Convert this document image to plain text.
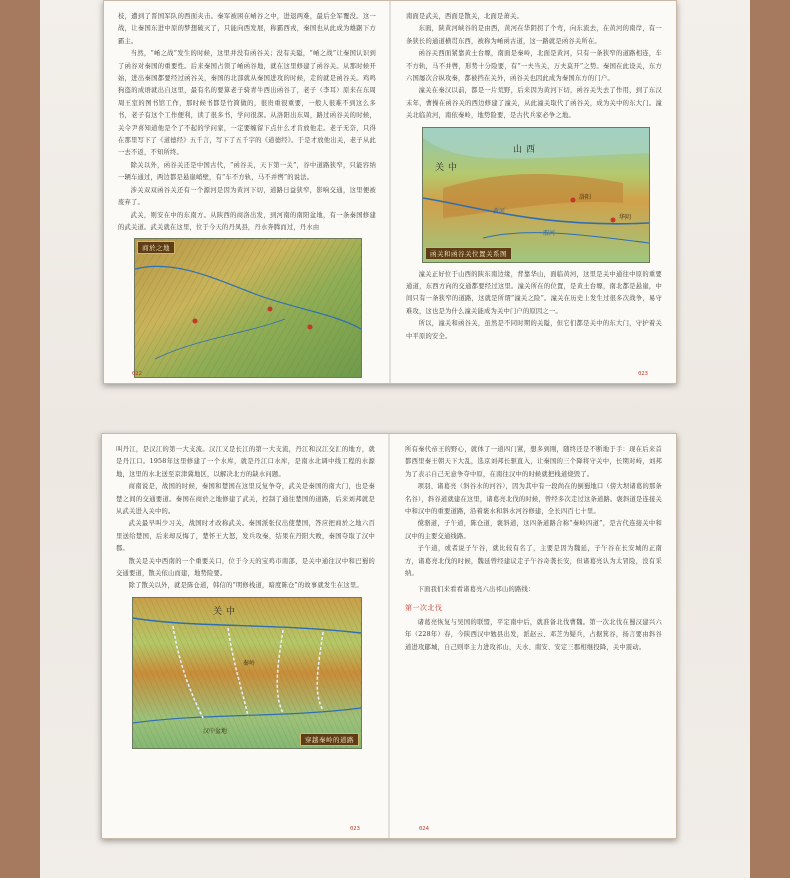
枝，遭到了晋国军队的西面夹击。秦军被困在崤谷之中，进退两难，最后全军覆没。这一战，让秦国东进中原的梦想破灭了，只能向西发展，称霸西戎，秦国也从此成为雄踞下方霸主。

当然，“崤之战”发生的时候，这里并没有函谷关；没有关隘，“崤之战”让秦国认识到了函谷对秦国的重要性。后来秦国占领了崤函谷地，就在这里修建了函谷关。从那时候开始，进出秦国都要经过函谷关，秦国的北部就从秦国进攻的时候，走的就是函谷关。鸡鸣狗盗的成语就出自这里，最有名的要算老子骑青牛西出函谷了，老子（李耳）原来在东周周王室的图书馆工作，那时候书都是竹简做的，很贵重很重要，一般人很难不到这么多书，老子有这个工作便利，读了很多书，学问很深。从洛阳出东周，路过函谷关的时候，关令尹喜知道他是个了不起的学问家，一定要缠留下点什么才肯放他走。老子无奈，只得在那里写下了《道德经》五千言，写下了五千字的《道德经》。于是才放他出关，老子从此一去不返，不知所终。

除关以外，函谷关还是中国古代，“函谷关，天下第一关”，谷中道路狭窄，只能容纳一辆车通过，两边都是悬崖峭壁，有“车不方轨，马不并辔”的说法。

涉关双双函谷关还有一个源河是因为黄河下切，道路日益狭窄，影响交通，这里便被废弃了。

武关，则安在中的东南方。从陕西的商洛出发，到河南的南阳盆地，有一条秦国修建的武关道。武关就在这里，位于今天的丹凤县，丹水奔腾而过，丹水由

商於之地
022

南面是武关，西面是散关，北面是萧关。

东面，陕黄河峡谷的是由西，黄河在华阴拐了个弯，向东流去，在黄河的南岸，有一条狭长的通道横贯东西，被称为崤函古道，这一路就是函谷关所在。

函谷关西面紧靠黄土台塬，南面是秦岭，北面是黄河，只有一条狭窄的道路相连，车不方轨，马不并辔，形势十分险要，有“一夫当关，万夫莫开”之势。秦国在此设关，东方六国屡次合纵攻秦，都被挡在关外，函谷关也因此成为秦国东方的门户。

潼关在秦汉以前，都是一片荒野，后来因为黄河下切，函谷关失去了作用，到了东汉末年，曹操在函谷关的西边修建了潼关，从此潼关取代了函谷关，成为关中的东大门。潼关北临黄河，南依秦岭，地势险要，是古代兵家必争之地。

山西
关中
黄河
渭河
洛阳
华阴
函关和函谷关位置关系图

潼关正好位于山西的陕东南边缘，背靠华山，面临黄河，这里是关中通往中原的重要通道，东西方向的交通都要经过这里。潼关所在的位置，是黄土台塬，南北都是悬崖，中间只有一条狭窄的道路，这就是所谓“潼关之险”。潼关在历史上发生过很多次战争，易守难攻，这也是为什么潼关能成为关中门户的原因之一。

所以，潼关和函谷关，虽然是不同时期的关隘，但它们都是关中的东大门，守护着关中平原的安全。

023

叫丹江，是汉江的第一大支流。汉江又是长江的第一大支流，丹江和汉江交汇的地方，就是丹江口。1958年这里修建了一个水库，就是丹江口水库，是南水北调中线工程的水源地，这里的水北送至京津冀地区，以解决北方的缺水问题。

商南说是，战国的时候，秦国和楚国在这里反复争夺，武关是秦国的南大门，也是秦楚之间的交通要道。秦国在商於之地修建了武关，控制了通往楚国的道路，后来刘邦就是从武关进入关中的。

武关最早叫少习关，战国时才改称武关。秦国派张仪出使楚国，答应把商於之地六百里送给楚国，后来却反悔了，楚怀王大怒，发兵攻秦，结果在丹阳大败，秦国夺取了汉中郡。

散关是关中西南的一个重要关口，位于今天的宝鸡市南部，是关中通往汉中和巴蜀的交通要道，散关依山而建，地势险要。

除了散关以外，就是陈仓道，韩信的“明修栈道，暗度陈仓”的故事就发生在这里。

关中
秦岭
汉中盆地
穿越秦岭的道路
023

所有秦代帝王的野心，就体了一道四门紧，想多到刚，随终还是不断地于手：现在后来首都西里秦王朝天下大乱，选京刘邦长驱直入，让秦国的三个降将守关中，长期对峙，刘邦为了表示自己无意争夺中原，在南往汉中的时候就把栈道烧毁了。

项羽、诸葛亮（斜谷水的河谷），因为其中有一段尚在的倒蜀地口（傍大坝诸葛的那条名谷），斜谷道就建在这里，诸葛亮北伐的时候，曾经多次走过这条道路。褒斜道是连接关中和汉中的重要道路，沿着褒水和斜水河谷修建，全长四百七十里。

傥骆道，子午道，陈仓道，褒斜道，这四条道路合称“秦岭四道”，是古代连接关中和汉中的主要交通线路。

子午道，或者说子午谷，就比较有名了，主要是因为魏延，子午谷在长安城的正南方，诸葛亮北伐的时候，魏延曾经建议走子午谷奇袭长安，但诸葛亮认为太冒险，没有采纳。

下面我们来看看诸葛亮六出祁山的路线：

第一次北伐

诸葛亮恢复与吴国的联盟，平定南中后，就准备北伐曹魏。第一次北伐在蜀汉建兴六年（228年）春，今陕西汉中勉县出发，派赵云、邓芝为疑兵，占据箕谷，扬言要由斜谷道进攻郿城，自己则率主力进攻祁山，天水、南安、安定三郡相继投降，关中震动。

024
